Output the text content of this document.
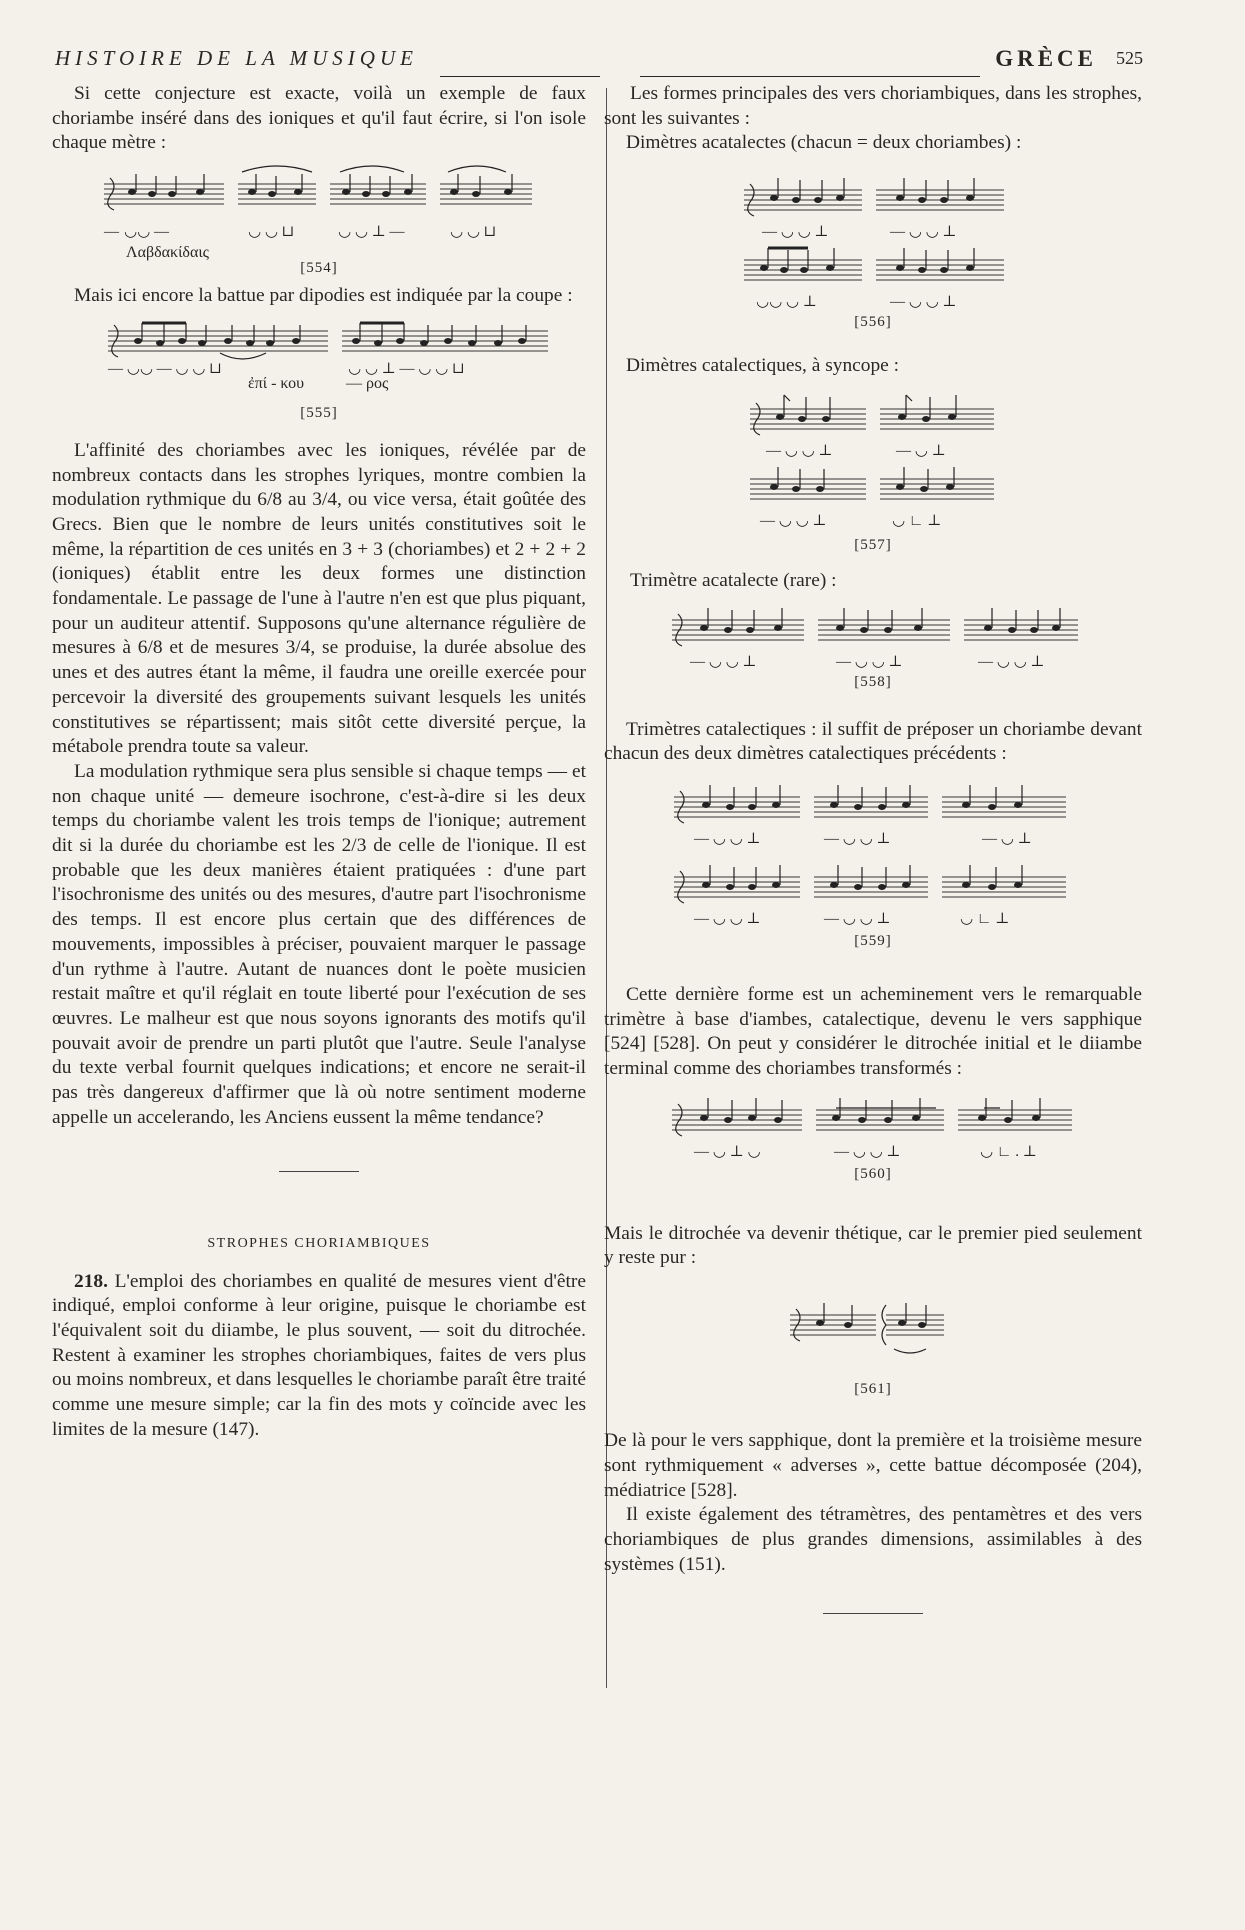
HISTOIRE DE LA MUSIQUE	GRÈCE 525

Si cette conjecture est exacte, voilà un exemple de faux choriambe inséré dans des ioniques et qu'il faut écrire, si l'on isole chaque mètre :

— ◡◡ —	◡ ◡ ⊔	◡ ◡ ⊥ —	◡ ◡ ⊔
Λαβδακίδαις
[554]

Mais ici encore la battue par dipodies est indiquée par la coupe :

— ◡◡ — ◡ ◡ ⊔	◡ ◡ ⊥ — ◡ ◡ ⊔
ἐπί - κου	— ρος
[555]

L'affinité des choriambes avec les ioniques, révélée par de nombreux contacts dans les strophes lyriques, montre combien la modulation rythmique du 6/8 au 3/4, ou vice versa, était goûtée des Grecs. Bien que le nombre de leurs unités constitutives soit le même, la répartition de ces unités en 3 + 3 (choriambes) et 2 + 2 + 2 (ioniques) établit entre les deux formes une distinction fondamentale. Le passage de l'une à l'autre n'en est que plus piquant, pour un auditeur attentif. Supposons qu'une alternance régulière de mesures à 6/8 et de mesures 3/4, se produise, la durée absolue des unes et des autres étant la même, il faudra une oreille exercée pour percevoir la diversité des groupements suivant lesquels les unités constitutives se répartissent; mais sitôt cette diversité perçue, la métabole prendra toute sa valeur.

La modulation rythmique sera plus sensible si chaque temps — et non chaque unité — demeure isochrone, c'est-à-dire si les deux temps du choriambe valent les trois temps de l'ionique; autrement dit si la durée du choriambe est les 2/3 de celle de l'ionique. Il est probable que les deux manières étaient pratiquées : d'une part l'isochronisme des unités ou des mesures, d'autre part l'isochronisme des temps. Il est encore plus certain que des différences de mouvements, impossibles à préciser, pouvaient marquer le passage d'un rythme à l'autre. Autant de nuances dont le poète musicien restait maître et qu'il réglait en toute liberté pour l'exécution de ses œuvres. Le malheur est que nous soyons ignorants des motifs qu'il pouvait avoir de prendre un parti plutôt que l'autre. Seule l'analyse du texte verbal fournit quelques indications; et encore ne serait-il pas très dangereux d'affirmer que là où notre sentiment moderne appelle un accelerando, les Anciens eussent la même tendance?

STROPHES CHORIAMBIQUES

218. L'emploi des choriambes en qualité de mesures vient d'être indiqué, emploi conforme à leur origine, puisque le choriambe est l'équivalent soit du diiambe, le plus souvent, — soit du ditrochée. Restent à examiner les strophes choriambiques, faites de vers plus ou moins nombreux, et dans lesquelles le choriambe paraît être traité comme une mesure simple; car la fin des mots y coïncide avec les limites de la mesure (147).

Les formes principales des vers choriambiques, dans les strophes, sont les suivantes :

Dimètres acatalectes (chacun = deux choriambes) :

— ◡ ◡ ⊥	— ◡ ◡ ⊥
◡◡ ◡ ⊥	— ◡ ◡ ⊥
[556]

Dimètres catalectiques, à syncope :

— ◡ ◡ ⊥	— ◡ ⊥
— ◡ ◡ ⊥	◡ ∟ ⊥
[557]

Trimètre acatalecte (rare) :

— ◡ ◡ ⊥	— ◡ ◡ ⊥	— ◡ ◡ ⊥
[558]

Trimètres catalectiques : il suffit de préposer un choriambe devant chacun des deux dimètres catalectiques précédents :

— ◡ ◡ ⊥	— ◡ ◡ ⊥	— ◡ ⊥
— ◡ ◡ ⊥	— ◡ ◡ ⊥	◡ ∟ ⊥
[559]

Cette dernière forme est un acheminement vers le remarquable trimètre à base d'iambes, catalectique, devenu le vers sapphique [524] [528]. On peut y considérer le ditrochée initial et le diiambe terminal comme des choriambes transformés :

— ◡ ⊥ ◡	— ◡ ◡ ⊥	◡ ∟ . ⊥
[560]

Mais le ditrochée va devenir thétique, car le premier pied seulement y reste pur :

[561]

De là pour le vers sapphique, dont la première et la troisième mesure sont rythmiquement « adverses », cette battue décomposée (204), médiatrice [528].

Il existe également des tétramètres, des pentamètres et des vers choriambiques de plus grandes dimensions, assimilables à des systèmes (151).
